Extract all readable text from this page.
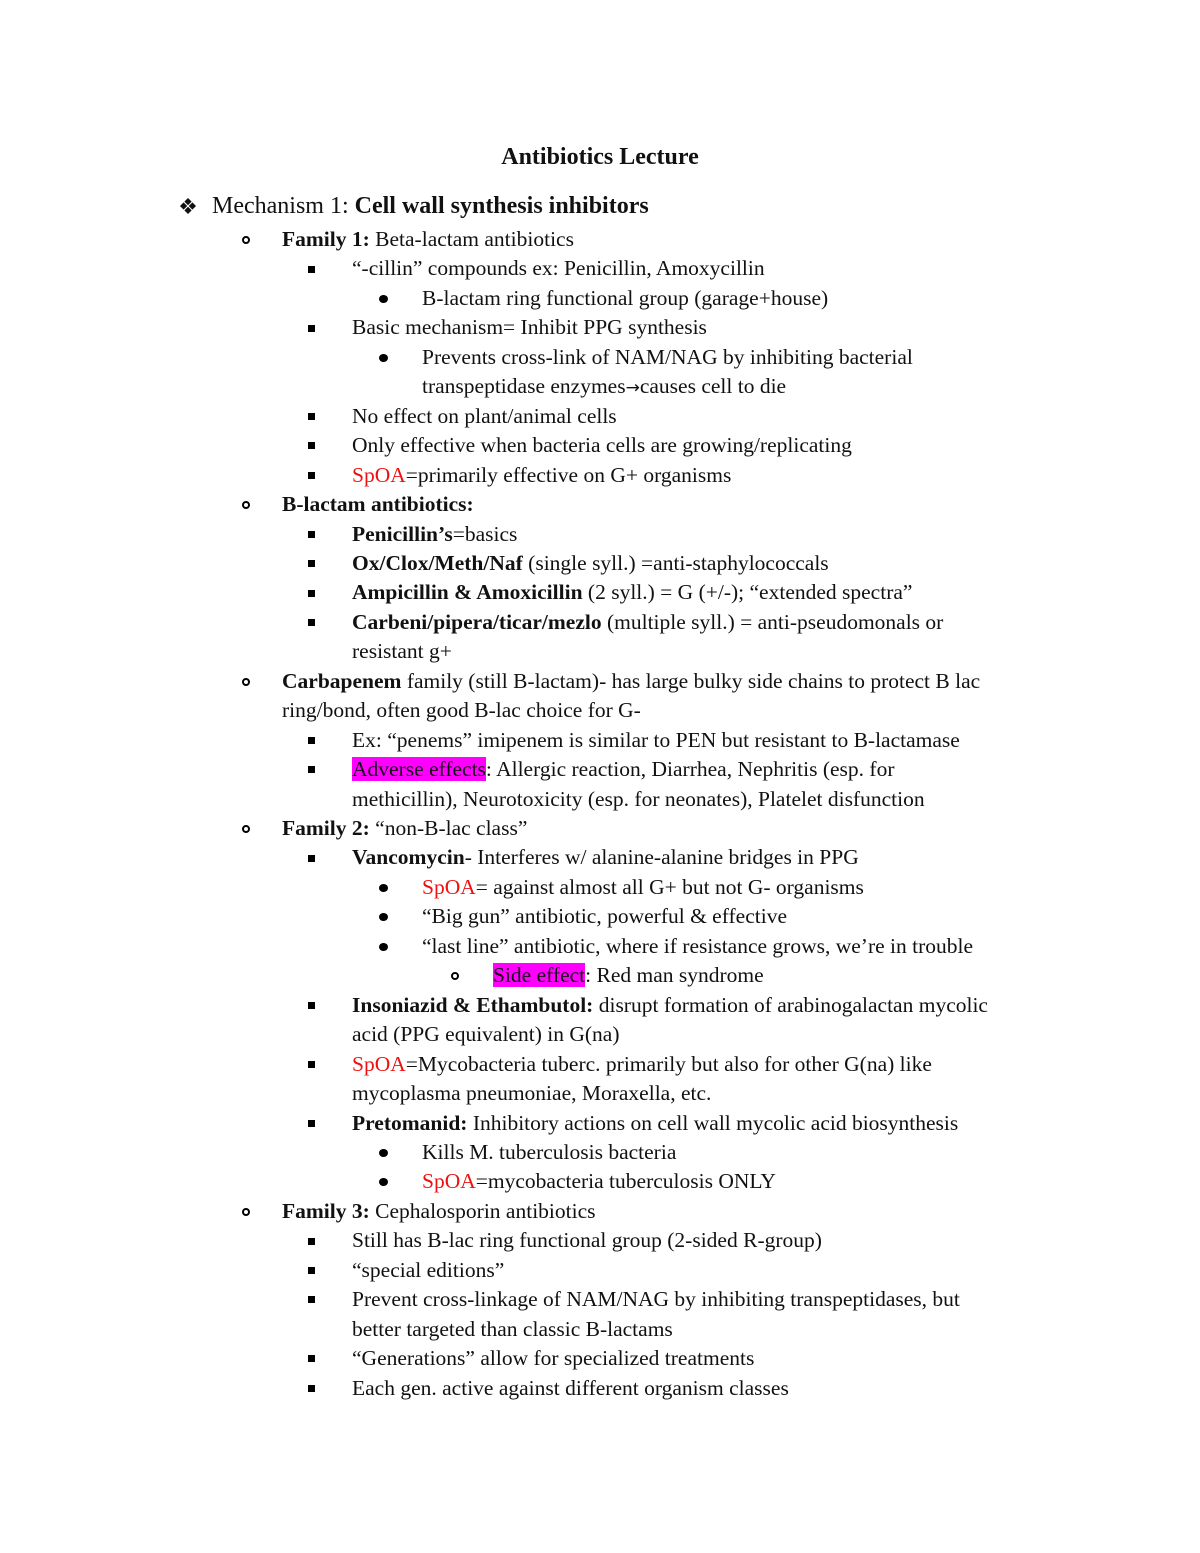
Antibiotics Lecture
❖ Mechanism 1: Cell wall synthesis inhibitors
Family 1: Beta-lactam antibiotics
“-cillin” compounds ex: Penicillin, Amoxycillin
B-lactam ring functional group (garage+house)
Basic mechanism= Inhibit PPG synthesis
Prevents cross-link of NAM/NAG by inhibiting bacterial
transpeptidase enzymes→causes cell to die
No effect on plant/animal cells
Only effective when bacteria cells are growing/replicating
SpOA=primarily effective on G+ organisms
B-lactam antibiotics:
Penicillin’s=basics
Ox/Clox/Meth/Naf (single syll.) =anti-staphylococcals
Ampicillin & Amoxicillin (2 syll.) = G (+/-); “extended spectra”
Carbeni/pipera/ticar/mezlo (multiple syll.) = anti-pseudomonals or
resistant g+
Carbapenem family (still B-lactam)- has large bulky side chains to protect B lac
ring/bond, often good B-lac choice for G-
Ex: “penems” imipenem is similar to PEN but resistant to B-lactamase
Adverse effects: Allergic reaction, Diarrhea, Nephritis (esp. for
methicillin), Neurotoxicity (esp. for neonates), Platelet disfunction
Family 2: “non-B-lac class”
Vancomycin- Interferes w/ alanine-alanine bridges in PPG
SpOA= against almost all G+ but not G- organisms
“Big gun” antibiotic, powerful & effective
“last line” antibiotic, where if resistance grows, we’re in trouble
Side effect: Red man syndrome
Insoniazid & Ethambutol: disrupt formation of arabinogalactan mycolic
acid (PPG equivalent) in G(na)
SpOA=Mycobacteria tuberc. primarily but also for other G(na) like
mycoplasma pneumoniae, Moraxella, etc.
Pretomanid: Inhibitory actions on cell wall mycolic acid biosynthesis
Kills M. tuberculosis bacteria
SpOA=mycobacteria tuberculosis ONLY
Family 3: Cephalosporin antibiotics
Still has B-lac ring functional group (2-sided R-group)
“special editions”
Prevent cross-linkage of NAM/NAG by inhibiting transpeptidases, but
better targeted than classic B-lactams
“Generations” allow for specialized treatments
Each gen. active against different organism classes
